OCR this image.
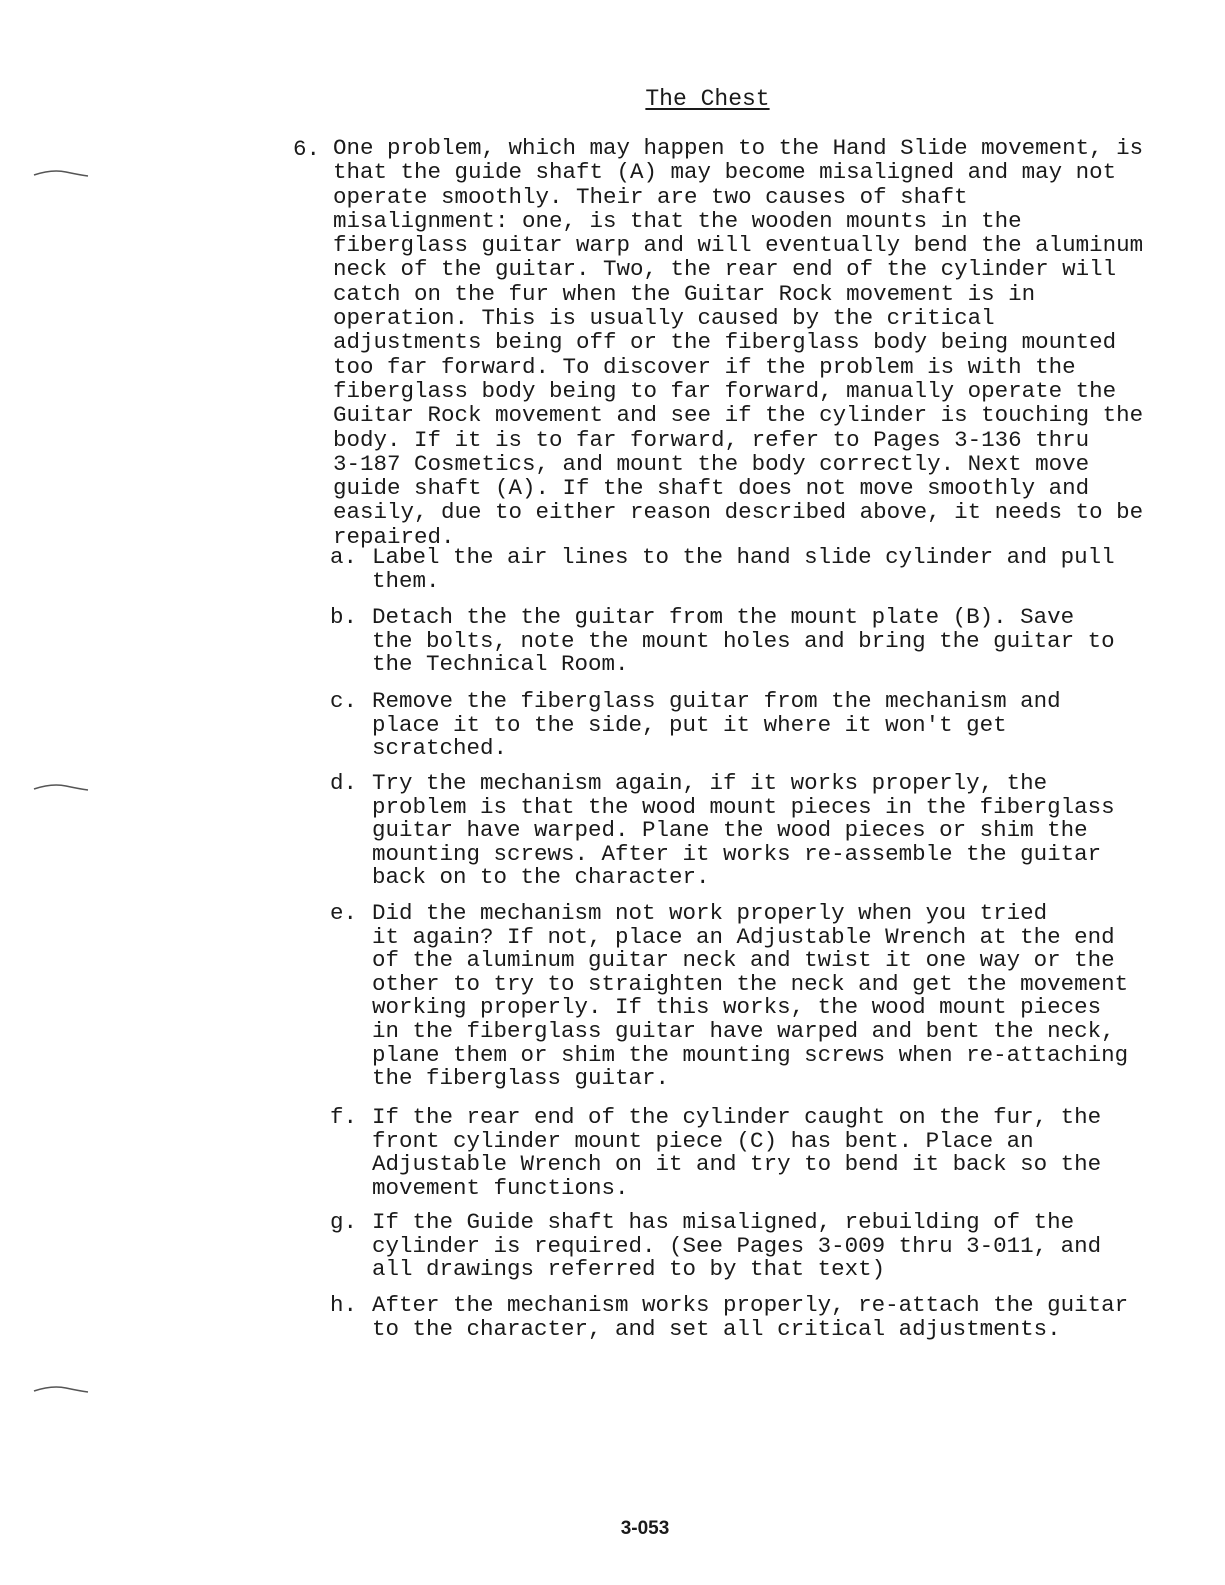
The Chest
6. One problem, which may happen to the Hand Slide movement, is
that the guide shaft (A) may become misaligned and may not
operate smoothly. Their are two causes of shaft
misalignment: one, is that the wooden mounts in the
fiberglass guitar warp and will eventually bend the aluminum
neck of the guitar. Two, the rear end of the cylinder will
catch on the fur when the Guitar Rock movement is in
operation. This is usually caused by the critical
adjustments being off or the fiberglass body being mounted
too far forward. To discover if the problem is with the
fiberglass body being to far forward, manually operate the
Guitar Rock movement and see if the cylinder is touching the
body. If it is to far forward, refer to Pages 3-136 thru
3-187 Cosmetics, and mount the body correctly. Next move
guide shaft (A). If the shaft does not move smoothly and
easily, due to either reason described above, it needs to be
repaired.
a. Label the air lines to the hand slide cylinder and pull
them.
b. Detach the the guitar from the mount plate (B). Save
the bolts, note the mount holes and bring the guitar to
the Technical Room.
c. Remove the fiberglass guitar from the mechanism and
place it to the side, put it where it won't get
scratched.
d. Try the mechanism again, if it works properly, the
problem is that the wood mount pieces in the fiberglass
guitar have warped. Plane the wood pieces or shim the
mounting screws. After it works re-assemble the guitar
back on to the character.
e. Did the mechanism not work properly when you tried
it again? If not, place an Adjustable Wrench at the end
of the aluminum guitar neck and twist it one way or the
other to try to straighten the neck and get the movement
working properly. If this works, the wood mount pieces
in the fiberglass guitar have warped and bent the neck,
plane them or shim the mounting screws when re-attaching
the fiberglass guitar.
f. If the rear end of the cylinder caught on the fur, the
front cylinder mount piece (C) has bent. Place an
Adjustable Wrench on it and try to bend it back so the
movement functions.
g. If the Guide shaft has misaligned, rebuilding of the
cylinder is required. (See Pages 3-009 thru 3-011, and
all drawings referred to by that text)
h. After the mechanism works properly, re-attach the guitar
to the character, and set all critical adjustments.
3-053
